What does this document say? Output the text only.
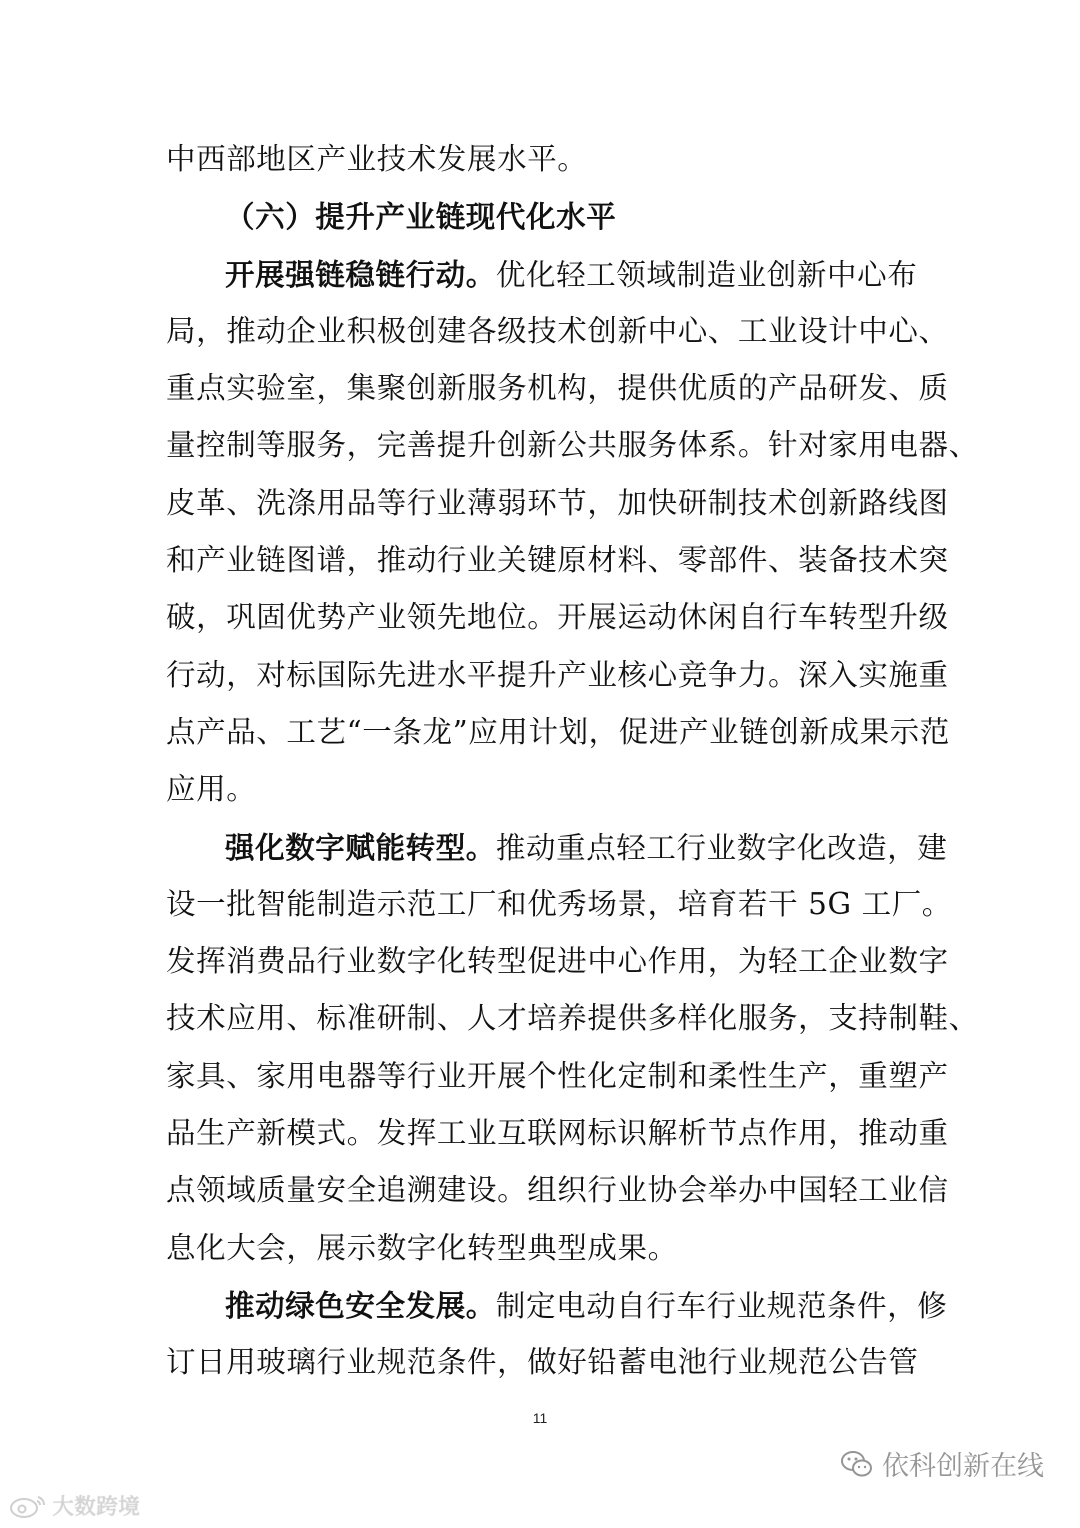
中西部地区产业技术发展水平。
（六）提升产业链现代化水平
开展强链稳链行动。优化轻工领域制造业创新中心布
局，推动企业积极创建各级技术创新中心、工业设计中心、
重点实验室，集聚创新服务机构，提供优质的产品研发、质
量控制等服务，完善提升创新公共服务体系。针对家用电器、
皮革、洗涤用品等行业薄弱环节，加快研制技术创新路线图
和产业链图谱，推动行业关键原材料、零部件、装备技术突
破，巩固优势产业领先地位。开展运动休闲自行车转型升级
行动，对标国际先进水平提升产业核心竞争力。深入实施重
点产品、工艺“一条龙”应用计划，促进产业链创新成果示范
应用。
强化数字赋能转型。推动重点轻工行业数字化改造，建
设一批智能制造示范工厂和优秀场景，培育若干 5G 工厂。
发挥消费品行业数字化转型促进中心作用，为轻工企业数字
技术应用、标准研制、人才培养提供多样化服务，支持制鞋、
家具、家用电器等行业开展个性化定制和柔性生产，重塑产
品生产新模式。发挥工业互联网标识解析节点作用，推动重
点领域质量安全追溯建设。组织行业协会举办中国轻工业信
息化大会，展示数字化转型典型成果。
推动绿色安全发展。制定电动自行车行业规范条件，修
订日用玻璃行业规范条件，做好铅蓄电池行业规范公告管
11
依科创新在线
大数跨境
